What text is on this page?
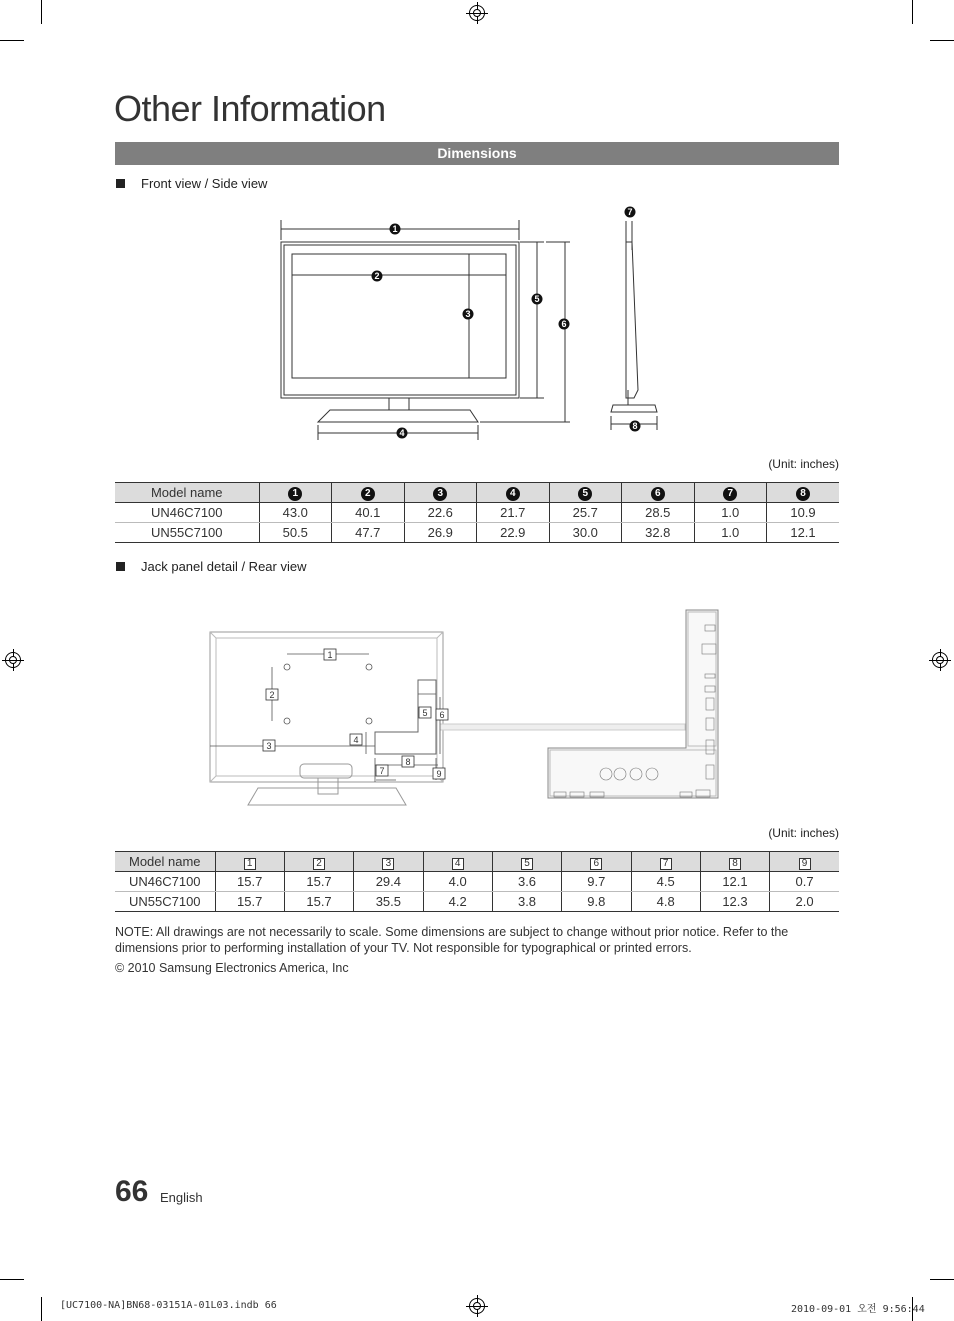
Other Information
Dimensions
Front view / Side view
1
2
3
4
5
6
7
8
(Unit: inches)
Model name	1	2	3	4	5	6	7	8
UN46C7100	43.0	40.1	22.6	21.7	25.7	28.5	1.0	10.9
UN55C7100	50.5	47.7	26.9	22.9	30.0	32.8	1.0	12.1
Jack panel detail / Rear view
1
2
3
4
5 6
7
8
9
(Unit: inches)
Model name	1	2	3	4	5	6	7	8	9
UN46C7100	15.7	15.7	29.4	4.0	3.6	9.7	4.5	12.1	0.7
UN55C7100	15.7	15.7	35.5	4.2	3.8	9.8	4.8	12.3	2.0

NOTE: All drawings are not necessarily to scale. Some dimensions are subject to change without prior notice. Refer to the dimensions prior to performing installation of your TV. Not responsible for typographical or printed errors.

© 2010 Samsung Electronics America, Inc

66 English
[UC7100-NA]BN68-03151A-01L03.indb 66	2010-09-01 오전 9:56:44
